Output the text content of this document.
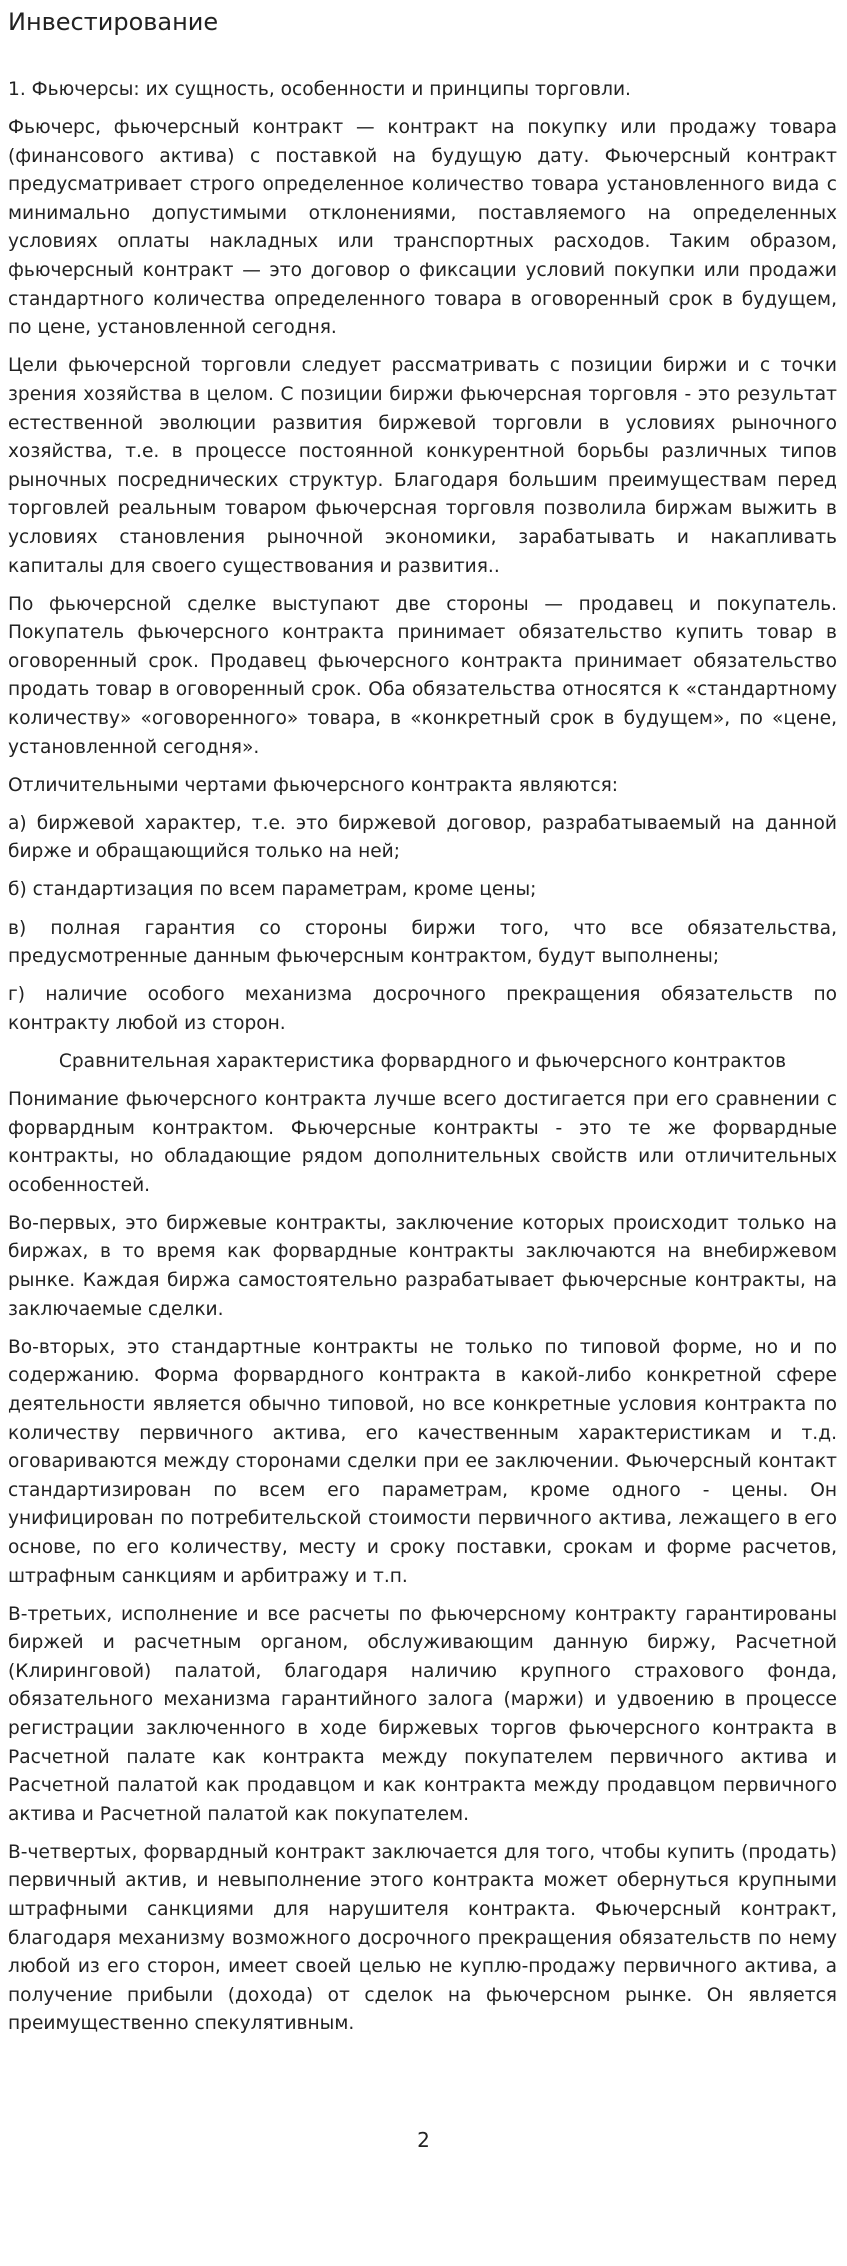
Инвестирование

1. Фьючерсы: их сущность, особенности и принципы торговли.

Фьючерс, фьючерсный контракт — контракт на покупку или продажу товара (финансового актива) с поставкой на будущую дату. Фьючерсный контракт предусматривает строго определенное количество товара установленного вида с минимально допустимыми отклонениями, поставляемого на определенных условиях оплаты накладных или транспортных расходов. Таким образом, фьючерсный контракт — это договор о фиксации условий покупки или продажи стандартного количества определенного товара в оговоренный срок в будущем, по цене, установленной сегодня.

Цели фьючерсной торговли следует рассматривать с позиции биржи и с точки зрения хозяйства в целом. С позиции биржи фьючерсная торговля - это результат естественной эволюции развития биржевой торговли в условиях рыночного хозяйства, т.е. в процессе постоянной конкурентной борьбы различных типов рыночных посреднических структур. Благодаря большим преимуществам перед торговлей реальным товаром фьючерсная торговля позволила биржам выжить в условиях становления рыночной экономики, зарабатывать и накапливать капиталы для своего существования и развития..

По фьючерсной сделке выступают две стороны — продавец и покупатель. Покупатель фьючерсного контракта принимает обязательство купить товар в оговоренный срок. Продавец фьючерсного контракта принимает обязательство продать товар в оговоренный срок. Оба обязательства относятся к «стандартному количеству» «оговоренного» товара, в «конкретный срок в будущем», по «цене, установленной сегодня».

Отличительными чертами фьючерсного контракта являются:

а) биржевой характер, т.е. это биржевой договор, разрабатываемый на данной бирже и обращающийся только на ней;

б) стандартизация по всем параметрам, кроме цены;

в) полная гарантия со стороны биржи того, что все обязательства, предусмотренные данным фьючерсным контрактом, будут выполнены;

г) наличие особого механизма досрочного прекращения обязательств по контракту любой из сторон.

Сравнительная характеристика форвардного и фьючерсного контрактов

Понимание фьючерсного контракта лучше всего достигается при его сравнении с форвардным контрактом. Фьючерсные контракты - это те же форвардные контракты, но обладающие рядом дополнительных свойств или отличительных особенностей.

Во-первых, это биржевые контракты, заключение которых происходит только на биржах, в то время как форвардные контракты заключаются на внебиржевом рынке. Каждая биржа самостоятельно разрабатывает фьючерсные контракты, на заключаемые сделки.

Во-вторых, это стандартные контракты не только по типовой форме, но и по содержанию. Форма форвардного контракта в какой-либо конкретной сфере деятельности является обычно типовой, но все конкретные условия контракта по количеству первичного актива, его качественным характеристикам и т.д. оговариваются между сторонами сделки при ее заключении. Фьючерсный контакт стандартизирован по всем его параметрам, кроме одного - цены. Он унифицирован по потребительской стоимости первичного актива, лежащего в его основе, по его количеству, месту и сроку поставки, срокам и форме расчетов, штрафным санкциям и арбитражу и т.п.

В-третьих, исполнение и все расчеты по фьючерсному контракту гарантированы биржей и расчетным органом, обслуживающим данную биржу, Расчетной (Клиринговой) палатой, благодаря наличию крупного страхового фонда, обязательного механизма гарантийного залога (маржи) и удвоению в процессе регистрации заключенного в ходе биржевых торгов фьючерсного контракта в Расчетной палате как контракта между покупателем первичного актива и Расчетной палатой как продавцом и как контракта между продавцом первичного актива и Расчетной палатой как покупателем.

В-четвертых, форвардный контракт заключается для того, чтобы купить (продать) первичный актив, и невыполнение этого контракта может обернуться крупными штрафными санкциями для нарушителя контракта. Фьючерсный контракт, благодаря механизму возможного досрочного прекращения обязательств по нему любой из его сторон, имеет своей целью не куплю-продажу первичного актива, а получение прибыли (дохода) от сделок на фьючерсном рынке. Он является преимущественно спекулятивным.

2
